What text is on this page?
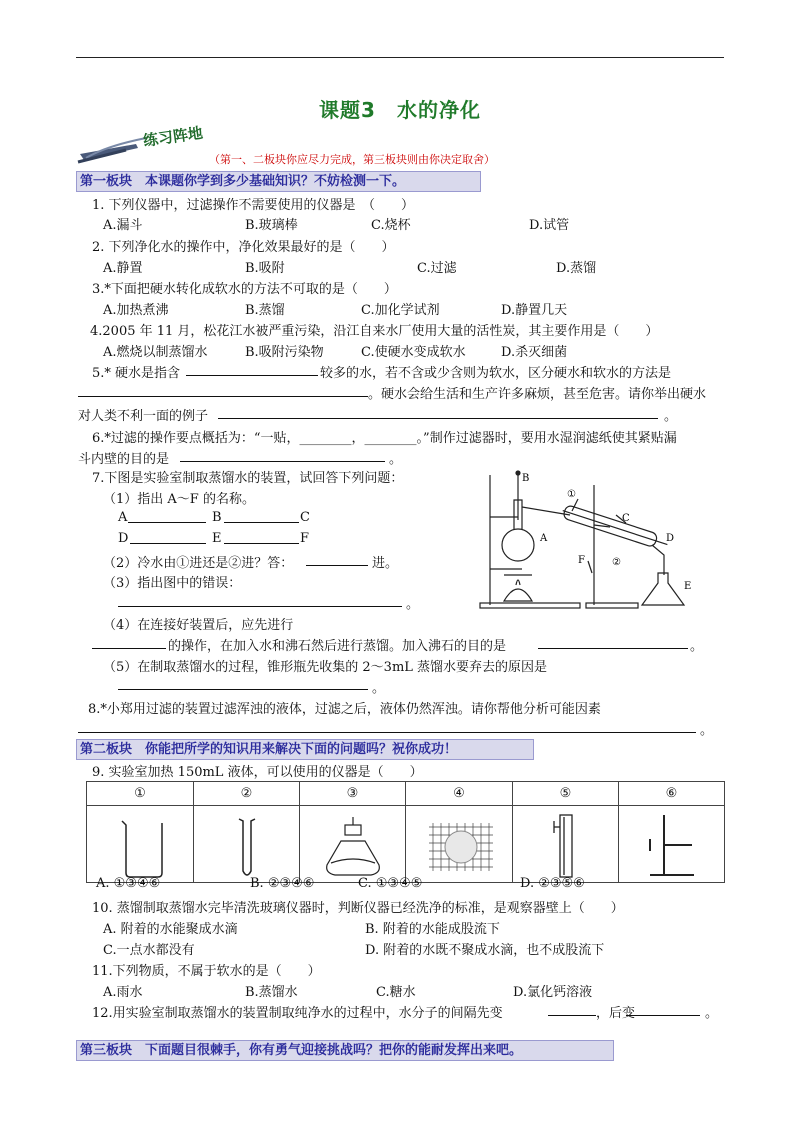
课题3　水的净化
练习阵地
（第一、二板块你应尽力完成，第三板块则由你决定取舍）
第一板块　本课题你学到多少基础知识？不妨检测一下。
1. 下列仪器中，过滤操作不需要使用的仪器是　（　　）
A.漏斗	B.玻璃棒	C.烧杯	D.试管
2. 下列净化水的操作中，净化效果最好的是（　　）
A.静置	B.吸附	C.过滤	D.蒸馏
3.*下面把硬水转化成软水的方法不可取的是（　　）
A.加热煮沸	B.蒸馏	C.加化学试剂	D.静置几天
4.2005 年 11 月，松花江水被严重污染，沿江自来水厂使用大量的活性炭，其主要作用是（　　）
A.燃烧以制蒸馏水	B.吸附污染物	C.使硬水变成软水	D.杀灭细菌
5.* 硬水是指含	较多的水，若不含或少含则为软水，区分硬水和软水的方法是
。硬水会给生活和生产许多麻烦，甚至危害。请你举出硬水
对人类不利一面的例子	。
6.*过滤的操作要点概括为：“一贴，________，________。”制作过滤器时，要用水湿润滤纸使其紧贴漏
斗内壁的目的是	。
7.下图是实验室制取蒸馏水的装置，试回答下列问题：
（1）指出 A～F 的名称。
A	B	C
D	E	F
（2）冷水由①进还是②进？答：	进。
（3）指出图中的错误：
。
（4）在连接好装置后，应先进行
的操作，在加入水和沸石然后进行蒸馏。加入沸石的目的是	。
（5）在制取蒸馏水的过程，锥形瓶先收集的 2～3mL 蒸馏水要弃去的原因是
。
B
A
①
C
D
F	②
E
8.*小郑用过滤的装置过滤浑浊的液体，过滤之后，液体仍然浑浊。请你帮他分析可能因素
。
第二板块　你能把所学的知识用来解决下面的问题吗？祝你成功！
9. 实验室加热 150mL 液体，可以使用的仪器是（　　）
①	②	③	④	⑤	⑥

A. ①③④⑥	B. ②③④⑥	C. ①③④⑤	D. ②③⑤⑥
10. 蒸馏制取蒸馏水完毕清洗玻璃仪器时，判断仪器已经洗净的标准，是观察器壁上（　　）
A. 附着的水能聚成水滴	B. 附着的水能成股流下
C.一点水都没有	D. 附着的水既不聚成水滴，也不成股流下
11.下列物质，不属于软水的是（　　）
A.雨水	B.蒸馏水	C.糖水	D.氯化钙溶液
12.用实验室制取蒸馏水的装置制取纯净水的过程中，水分子的间隔先变	，后变	。
第三板块　下面题目很棘手，你有勇气迎接挑战吗？把你的能耐发挥出来吧。
